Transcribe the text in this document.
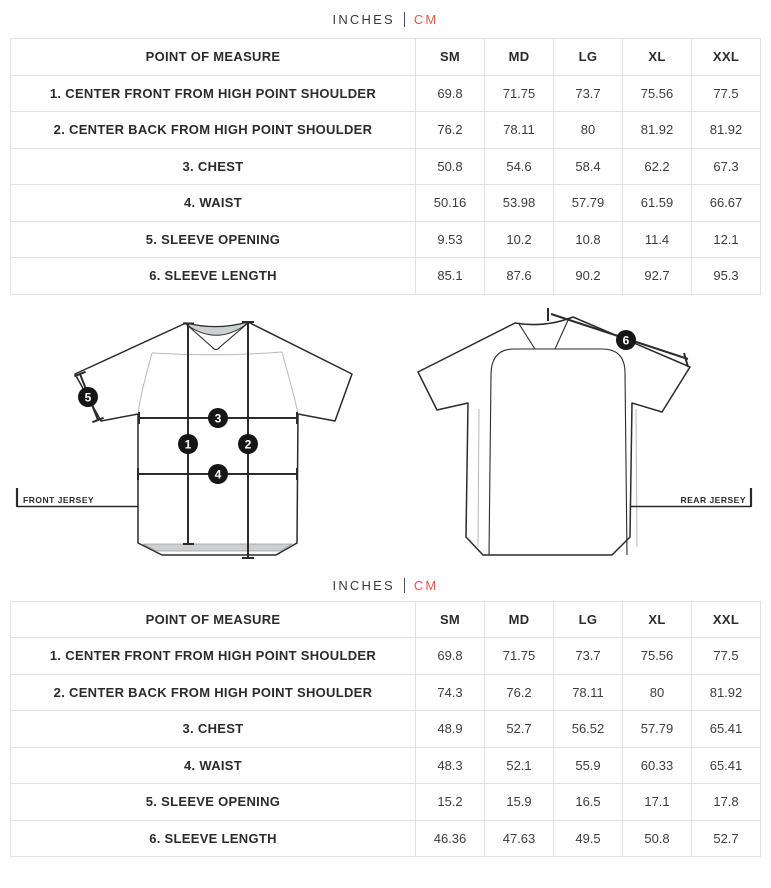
INCHES	CM
POINT OF MEASURE	SM	MD	LG	XL	XXL
1. CENTER FRONT FROM HIGH POINT SHOULDER	69.8	71.75	73.7	75.56	77.5
2. CENTER BACK FROM HIGH POINT SHOULDER	76.2	78.11	80	81.92	81.92
3. CHEST	50.8	54.6	58.4	62.2	67.3
4. WAIST	50.16	53.98	57.79	61.59	66.67
5. SLEEVE OPENING	9.53	10.2	10.8	11.4	12.1
6. SLEEVE LENGTH	85.1	87.6	90.2	92.7	95.3
1	2
3
4
5
FRONT JERSEY
6
REAR JERSEY
INCHES	CM
POINT OF MEASURE	SM	MD	LG	XL	XXL
1. CENTER FRONT FROM HIGH POINT SHOULDER	69.8	71.75	73.7	75.56	77.5
2. CENTER BACK FROM HIGH POINT SHOULDER	74.3	76.2	78.11	80	81.92
3. CHEST	48.9	52.7	56.52	57.79	65.41
4. WAIST	48.3	52.1	55.9	60.33	65.41
5. SLEEVE OPENING	15.2	15.9	16.5	17.1	17.8
6. SLEEVE LENGTH	46.36	47.63	49.5	50.8	52.7
